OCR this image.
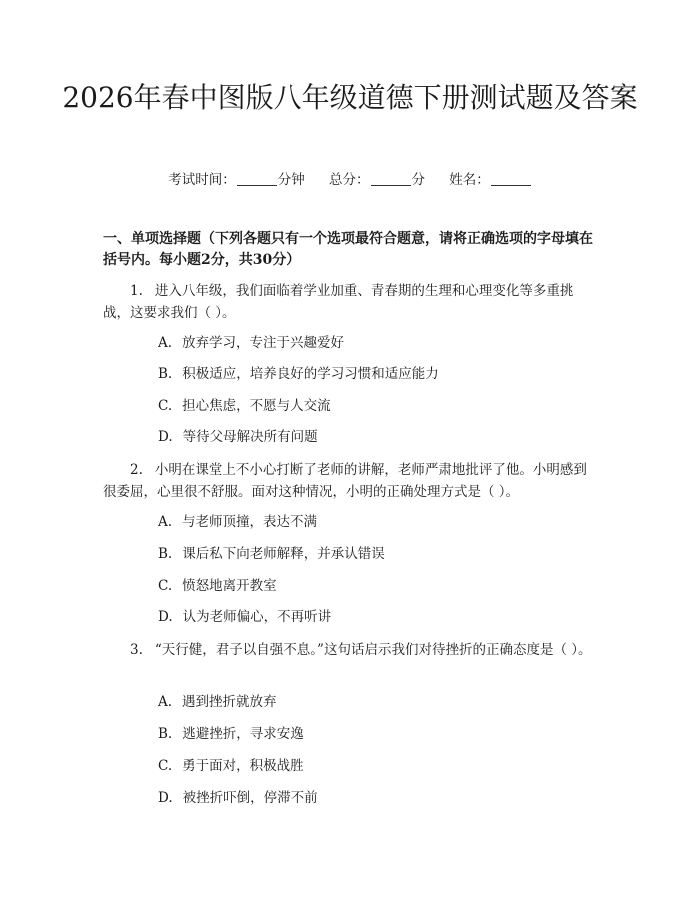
2026年春中图版八年级道德下册测试题及答案
考试时间：	分钟 总分：	分 姓名：

一、单项选择题（下列各题只有一个选项最符合题意，请将正确选项的字母填在括号内。每小题2分，共30分）

1. 进入八年级，我们面临着学业加重、青春期的生理和心理变化等多重挑战，这要求我们（ ）。

A. 放弃学习，专注于兴趣爱好

B. 积极适应，培养良好的学习习惯和适应能力

C. 担心焦虑，不愿与人交流

D. 等待父母解决所有问题

2. 小明在课堂上不小心打断了老师的讲解，老师严肃地批评了他。小明感到很委屈，心里很不舒服。面对这种情况，小明的正确处理方式是（ ）。

A. 与老师顶撞，表达不满

B. 课后私下向老师解释，并承认错误

C. 愤怒地离开教室

D. 认为老师偏心，不再听讲

3. “天行健，君子以自强不息。”这句话启示我们对待挫折的正确态度是（ ）。

A. 遇到挫折就放弃

B. 逃避挫折，寻求安逸

C. 勇于面对，积极战胜

D. 被挫折吓倒，停滞不前
